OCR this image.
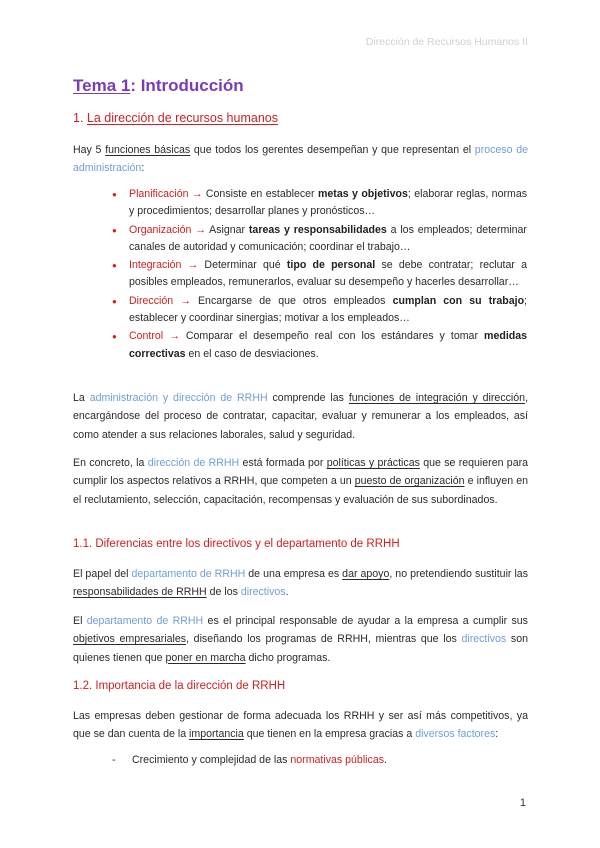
Dirección de Recursos Humanos II
Tema 1: Introducción
1. La dirección de recursos humanos
Hay 5 funciones básicas que todos los gerentes desempeñan y que representan el proceso de administración:
● Planificación → Consiste en establecer metas y objetivos; elaborar reglas, normas y procedimientos; desarrollar planes y pronósticos…
● Organización → Asignar tareas y responsabilidades a los empleados; determinar canales de autoridad y comunicación; coordinar el trabajo…
● Integración → Determinar qué tipo de personal se debe contratar; reclutar a posibles empleados, remunerarlos, evaluar su desempeño y hacerles desarrollar…
● Dirección → Encargarse de que otros empleados cumplan con su trabajo; establecer y coordinar sinergias; motivar a los empleados…
● Control → Comparar el desempeño real con los estándares y tomar medidas correctivas en el caso de desviaciones.
La administración y dirección de RRHH comprende las funciones de integración y dirección, encargándose del proceso de contratar, capacitar, evaluar y remunerar a los empleados, así como atender a sus relaciones laborales, salud y seguridad.
En concreto, la dirección de RRHH está formada por políticas y prácticas que se requieren para cumplir los aspectos relativos a RRHH, que competen a un puesto de organización e influyen en el reclutamiento, selección, capacitación, recompensas y evaluación de sus subordinados.
1.1. Diferencias entre los directivos y el departamento de RRHH
El papel del departamento de RRHH de una empresa es dar apoyo, no pretendiendo sustituir las responsabilidades de RRHH de los directivos.
El departamento de RRHH es el principal responsable de ayudar a la empresa a cumplir sus objetivos empresariales, diseñando los programas de RRHH, mientras que los directivos son quienes tienen que poner en marcha dicho programas.
1.2. Importancia de la dirección de RRHH
Las empresas deben gestionar de forma adecuada los RRHH y ser así más competitivos, ya que se dan cuenta de la importancia que tienen en la empresa gracias a diversos factores:
- Crecimiento y complejidad de las normativas públicas.
1
